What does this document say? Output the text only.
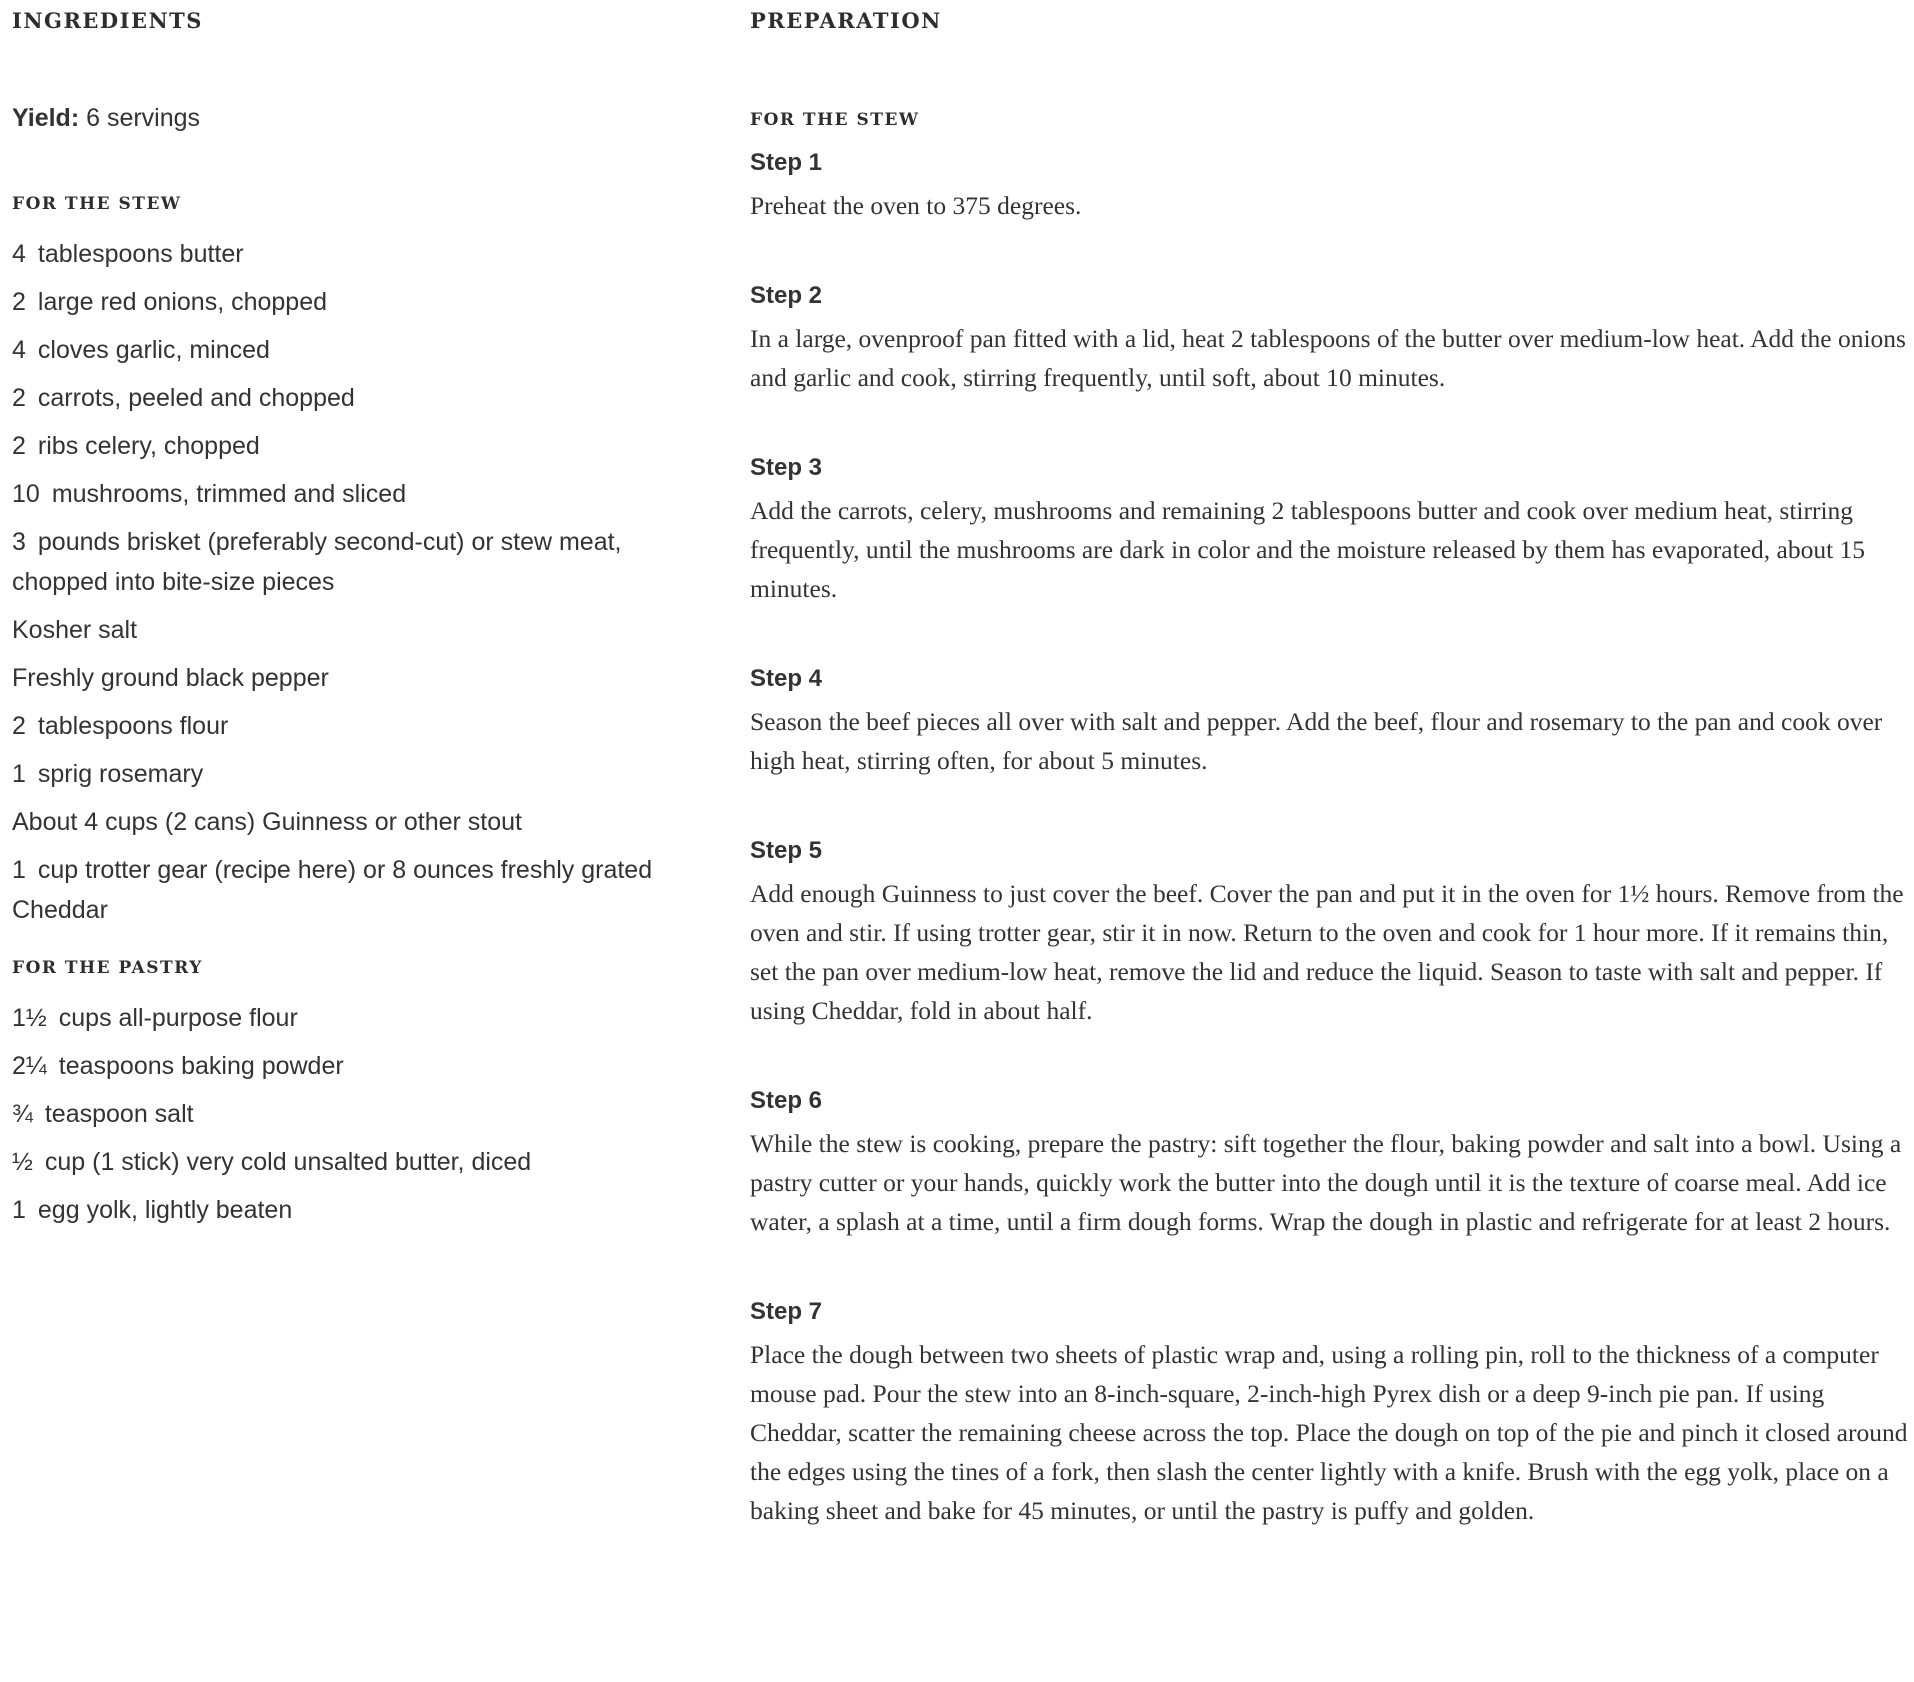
INGREDIENTS
Yield: 6 servings
FOR THE STEW
4 tablespoons butter
2 large red onions, chopped
4 cloves garlic, minced
2 carrots, peeled and chopped
2 ribs celery, chopped
10 mushrooms, trimmed and sliced
3 pounds brisket (preferably second-cut) or stew meat, chopped into bite-size pieces
Kosher salt
Freshly ground black pepper
2 tablespoons flour
1 sprig rosemary
About 4 cups (2 cans) Guinness or other stout
1 cup trotter gear (recipe here) or 8 ounces freshly grated Cheddar
FOR THE PASTRY
1½ cups all-purpose flour
2¼ teaspoons baking powder
¾ teaspoon salt
½ cup (1 stick) very cold unsalted butter, diced
1 egg yolk, lightly beaten
PREPARATION
FOR THE STEW

Step 1

Preheat the oven to 375 degrees.

Step 2

In a large, ovenproof pan fitted with a lid, heat 2 tablespoons of the butter over medium-low heat. Add the onions and garlic and cook, stirring frequently, until soft, about 10 minutes.

Step 3

Add the carrots, celery, mushrooms and remaining 2 tablespoons butter and cook over medium heat, stirring frequently, until the mushrooms are dark in color and the moisture released by them has evaporated, about 15 minutes.

Step 4

Season the beef pieces all over with salt and pepper. Add the beef, flour and rosemary to the pan and cook over high heat, stirring often, for about 5 minutes.

Step 5

Add enough Guinness to just cover the beef. Cover the pan and put it in the oven for 1½ hours. Remove from the oven and stir. If using trotter gear, stir it in now. Return to the oven and cook for 1 hour more. If it remains thin, set the pan over medium-low heat, remove the lid and reduce the liquid. Season to taste with salt and pepper. If using Cheddar, fold in about half.

Step 6

While the stew is cooking, prepare the pastry: sift together the flour, baking powder and salt into a bowl. Using a pastry cutter or your hands, quickly work the butter into the dough until it is the texture of coarse meal. Add ice water, a splash at a time, until a firm dough forms. Wrap the dough in plastic and refrigerate for at least 2 hours.

Step 7

Place the dough between two sheets of plastic wrap and, using a rolling pin, roll to the thickness of a computer mouse pad. Pour the stew into an 8-inch-square, 2-inch-high Pyrex dish or a deep 9-inch pie pan. If using Cheddar, scatter the remaining cheese across the top. Place the dough on top of the pie and pinch it closed around the edges using the tines of a fork, then slash the center lightly with a knife. Brush with the egg yolk, place on a baking sheet and bake for 45 minutes, or until the pastry is puffy and golden.
